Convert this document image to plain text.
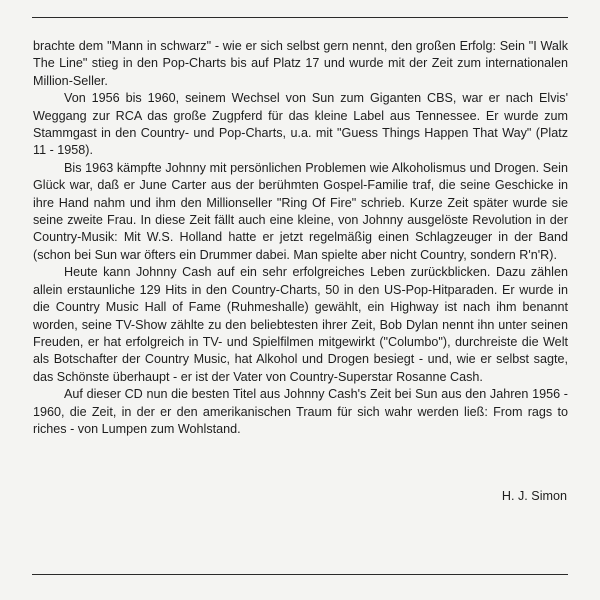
brachte dem "Mann in schwarz" - wie er sich selbst gern nennt, den großen Erfolg: Sein "I Walk The Line" stieg in den Pop-Charts bis auf Platz 17 und wurde mit der Zeit zum internationalen Million-Seller.

Von 1956 bis 1960, seinem Wechsel von Sun zum Giganten CBS, war er nach Elvis' Weggang zur RCA das große Zugpferd für das kleine Label aus Tennessee. Er wurde zum Stammgast in den Country- und Pop-Charts, u.a. mit "Guess Things Happen That Way" (Platz 11 - 1958).

Bis 1963 kämpfte Johnny mit persönlichen Problemen wie Alkoholismus und Drogen. Sein Glück war, daß er June Carter aus der berühmten Gospel-Familie traf, die seine Geschicke in ihre Hand nahm und ihm den Millionseller "Ring Of Fire" schrieb. Kurze Zeit später wurde sie seine zweite Frau. In diese Zeit fällt auch eine kleine, von Johnny ausgelöste Revolution in der Country-Musik: Mit W.S. Holland hatte er jetzt regelmäßig einen Schlagzeuger in der Band (schon bei Sun war öfters ein Drummer dabei. Man spielte aber nicht Country, sondern R'n'R).

Heute kann Johnny Cash auf ein sehr erfolgreiches Leben zurückblicken. Dazu zählen allein erstaunliche 129 Hits in den Country-Charts, 50 in den US-Pop-Hitparaden. Er wurde in die Country Music Hall of Fame (Ruhmeshalle) gewählt, ein Highway ist nach ihm benannt worden, seine TV-Show zählte zu den beliebtesten ihrer Zeit, Bob Dylan nennt ihn unter seinen Freuden, er hat erfolgreich in TV- und Spielfilmen mitgewirkt ("Columbo"), durchreiste die Welt als Botschafter der Country Music, hat Alkohol und Drogen besiegt - und, wie er selbst sagte, das Schönste überhaupt - er ist der Vater von Country-Superstar Rosanne Cash.

Auf dieser CD nun die besten Titel aus Johnny Cash's Zeit bei Sun aus den Jahren 1956 - 1960, die Zeit, in der er den amerikanischen Traum für sich wahr werden ließ: From rags to riches - von Lumpen zum Wohlstand.

H. J. Simon
